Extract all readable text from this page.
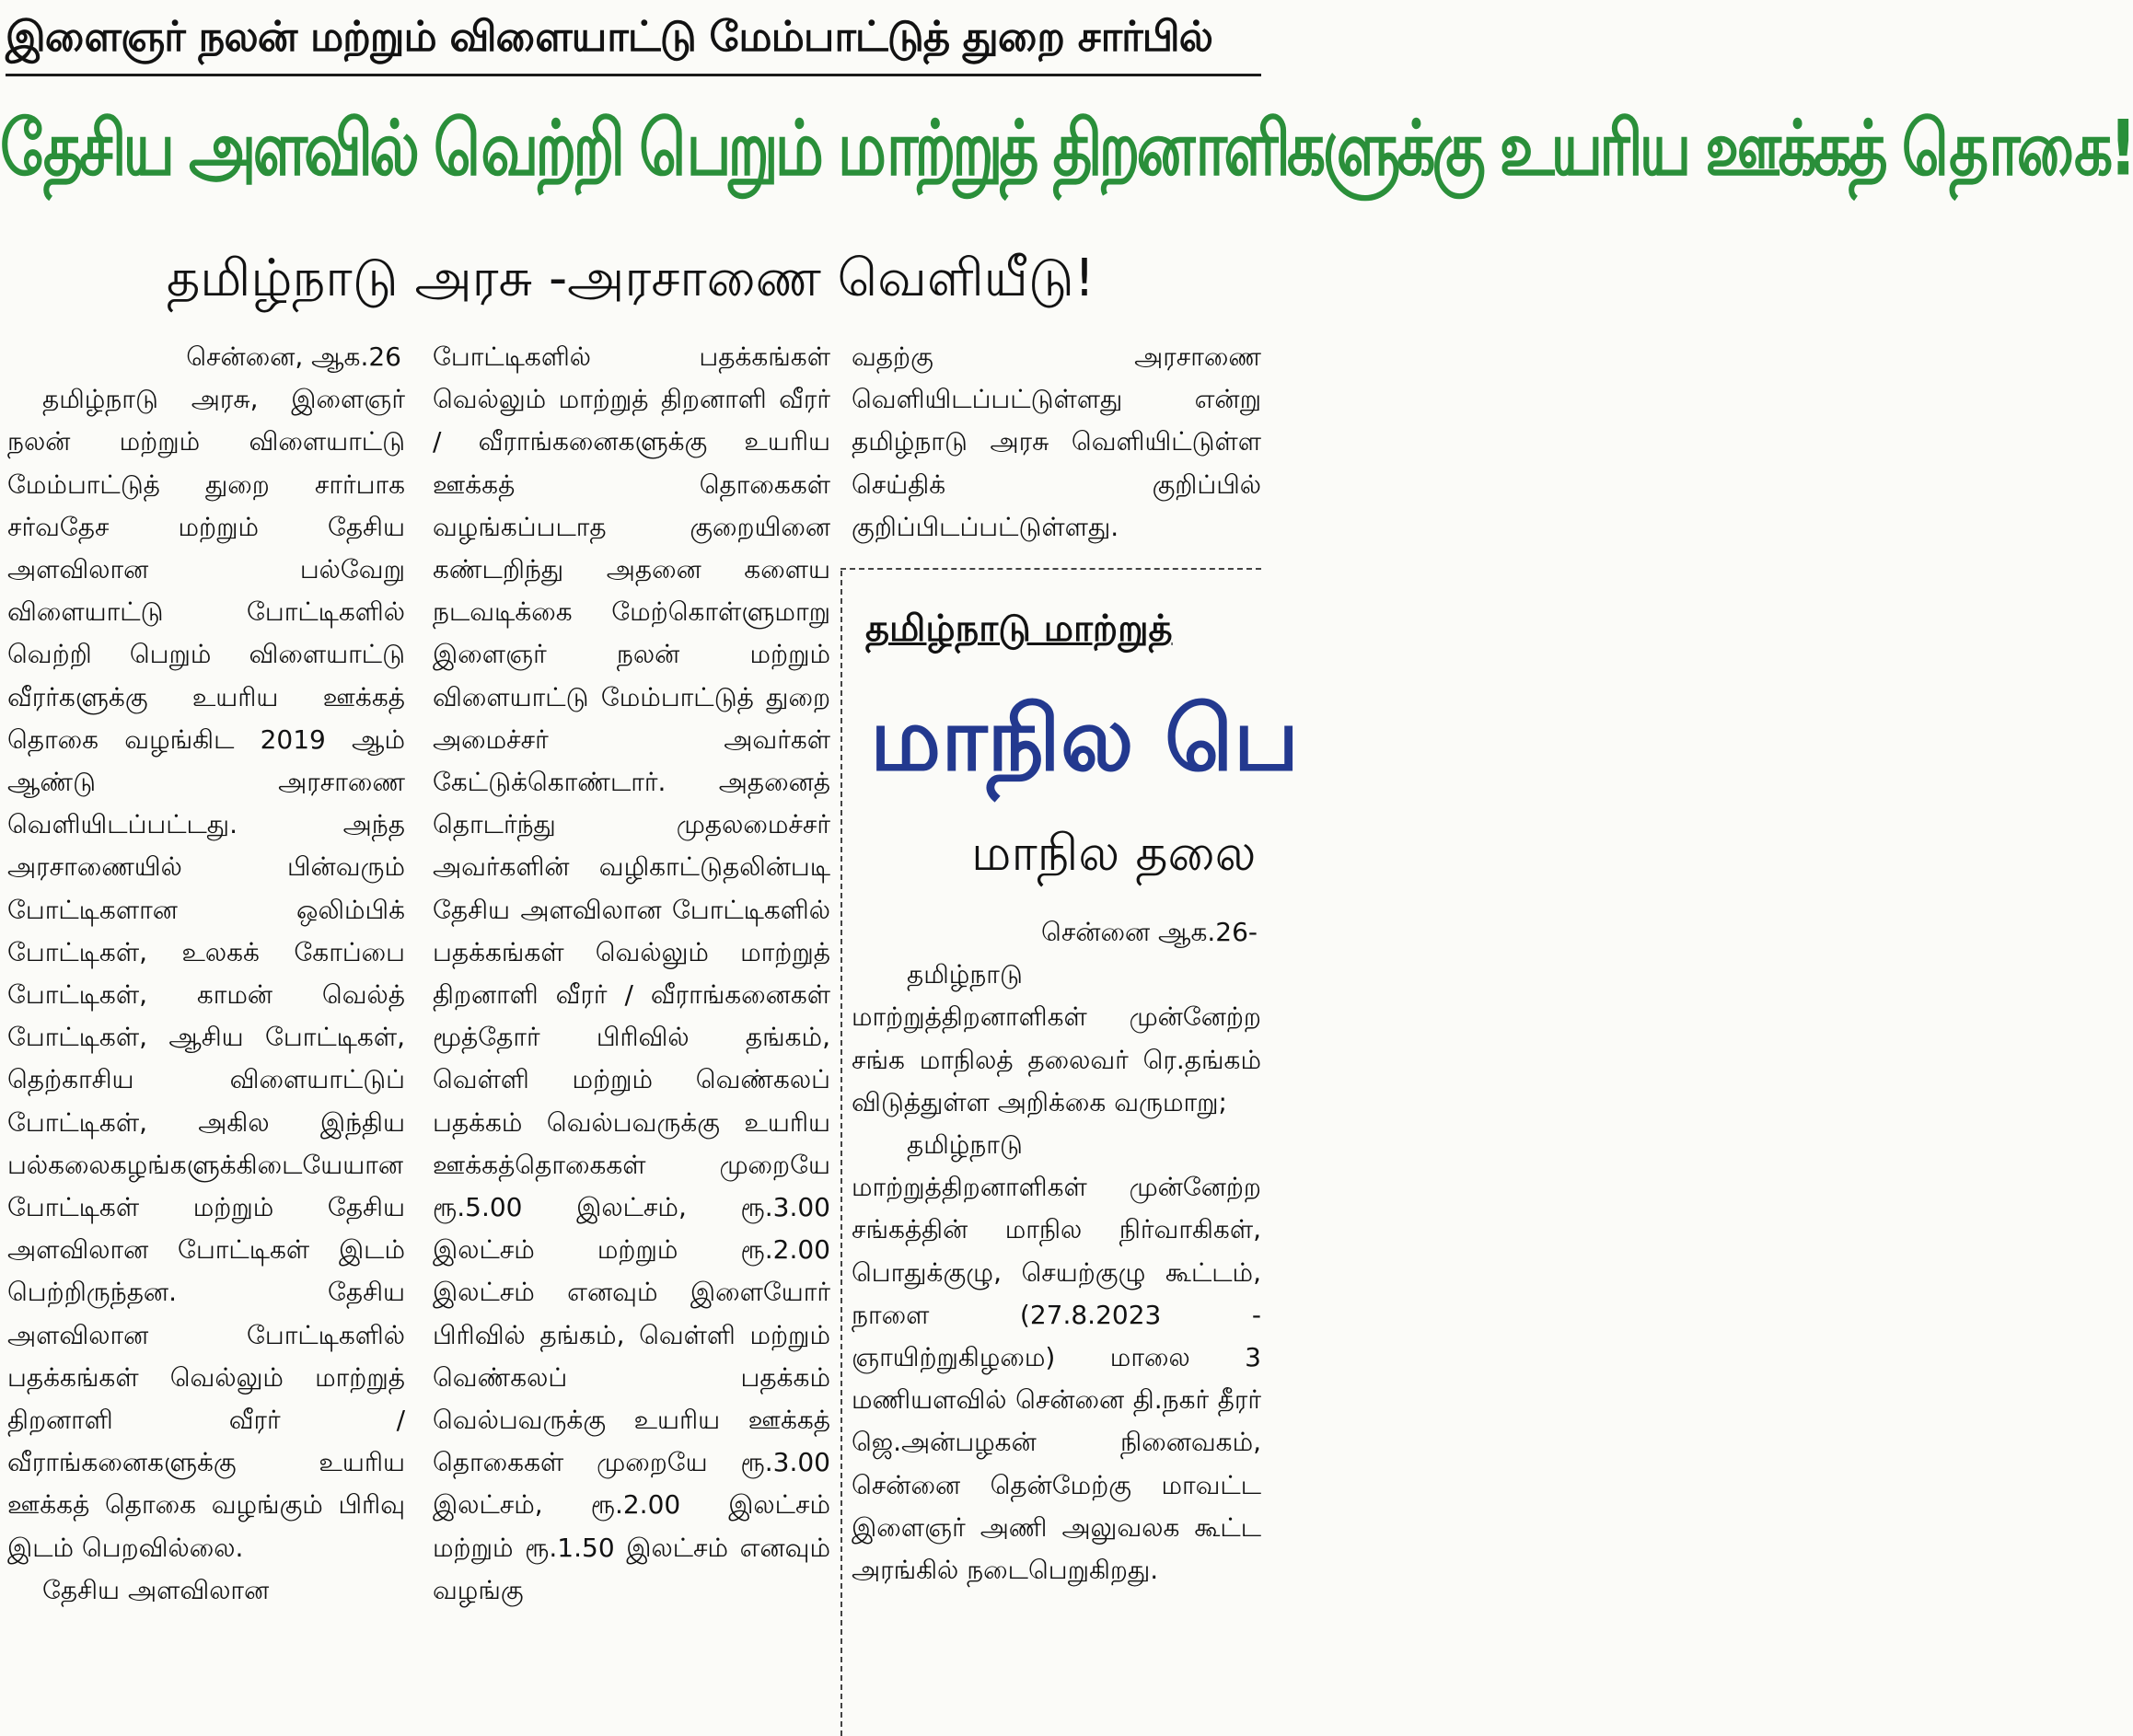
இளைஞர் நலன் மற்றும் விளையாட்டு மேம்பாட்டுத் துறை சார்பில்
தேசிய அளவில் வெற்றி பெறும் மாற்றுத் திறனாளிகளுக்கு உயரிய ஊக்கத் தொகை!
தமிழ்நாடு அரசு -அரசாணை வெளியீடு!

சென்னை, ஆக.26

தமிழ்நாடு அரசு, இளைஞர் நலன் மற்றும் விளையாட்டு மேம்பாட்டுத் துறை சார்பாக சர்வதேச மற்றும் தேசிய அளவிலான பல்வேறு விளையாட்டு போட்டிகளில் வெற்றி பெறும் விளையாட்டு வீரர்களுக்கு உயரிய ஊக்கத் தொகை வழங்கிட 2019 ஆம் ஆண்டு அரசாணை வெளியிடப்பட்டது. அந்த அரசாணையில் பின்வரும் போட்டிகளான ஒலிம்பிக் போட்டிகள், உலகக் கோப்பை போட்டிகள், காமன் வெல்த் போட்டிகள், ஆசிய போட்டிகள், தெற்காசிய விளையாட்டுப் போட்டிகள், அகில இந்திய பல்கலைகழங்களுக்கிடையேயான போட்டிகள் மற்றும் தேசிய அளவிலான போட்டிகள் இடம் பெற்றிருந்தன. தேசிய அளவிலான போட்டிகளில் பதக்கங்கள் வெல்லும் மாற்றுத் திறனாளி வீரர் / வீராங்கனைகளுக்கு உயரிய ஊக்கத் தொகை வழங்கும் பிரிவு இடம் பெறவில்லை.

தேசிய அளவிலான

போட்டிகளில் பதக்கங்கள் வெல்லும் மாற்றுத் திறனாளி வீரர் / வீராங்கனைகளுக்கு உயரிய ஊக்கத் தொகைகள் வழங்கப்படாத குறையினை கண்டறிந்து அதனை களைய நடவடிக்கை மேற்கொள்ளுமாறு இளைஞர் நலன் மற்றும் விளையாட்டு மேம்பாட்டுத் துறை அமைச்சர் அவர்கள் கேட்டுக்கொண்டார். அதனைத் தொடர்ந்து முதலமைச்சர் அவர்களின் வழிகாட்டுதலின்படி தேசிய அளவிலான போட்டிகளில் பதக்கங்கள் வெல்லும் மாற்றுத் திறனாளி வீரர் / வீராங்கனைகள் மூத்தோர் பிரிவில் தங்கம், வெள்ளி மற்றும் வெண்கலப் பதக்கம் வெல்பவருக்கு உயரிய ஊக்கத்தொகைகள் முறையே ரூ.5.00 இலட்சம், ரூ.3.00 இலட்சம் மற்றும் ரூ.2.00 இலட்சம் எனவும் இளையோர் பிரிவில் தங்கம், வெள்ளி மற்றும் வெண்கலப் பதக்கம் வெல்பவருக்கு உயரிய ஊக்கத் தொகைகள் முறையே ரூ.3.00 இலட்சம், ரூ.2.00 இலட்சம் மற்றும் ரூ.1.50 இலட்சம் எனவும் வழங்கு

வதற்கு அரசாணை வெளியிடப்பட்டுள்ளது என்று தமிழ்நாடு அரசு வெளியிட்டுள்ள செய்திக் குறிப்பில் குறிப்பிடப்பட்டுள்ளது.

தமிழ்நாடு மாற்றுத்
மாநில பெ
மாநில தலை

சென்னை ஆக.26-

தமிழ்நாடு மாற்றுத்திறனாளிகள் முன்னேற்ற சங்க மாநிலத் தலைவர் ரெ.தங்கம் விடுத்துள்ள அறிக்கை வருமாறு;

தமிழ்நாடு மாற்றுத்திறனாளிகள் முன்னேற்ற சங்கத்தின் மாநில நிர்வாகிகள், பொதுக்குழு, செயற்குழு கூட்டம், நாளை (27.8.2023 - ஞாயிற்றுகிழமை) மாலை 3 மணியளவில் சென்னை தி.நகர் தீரர் ஜெ.அன்பழகன் நினைவகம், சென்னை தென்மேற்கு மாவட்ட இளைஞர் அணி அலுவலக கூட்ட அரங்கில் நடைபெறுகிறது.
